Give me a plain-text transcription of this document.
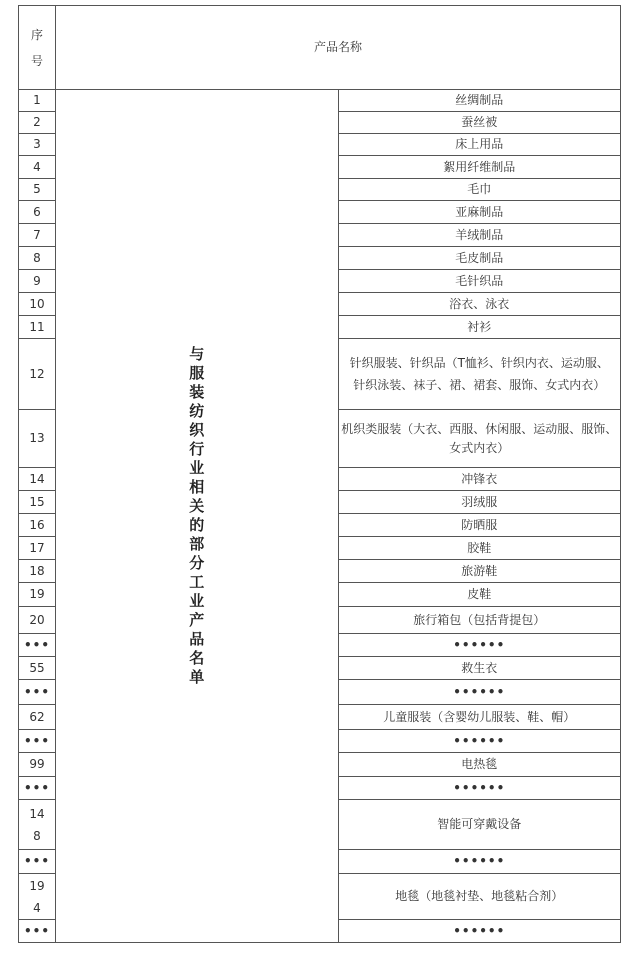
序号	产品名称	
1	与服装纺织行业相关的部分工业产品名单	丝绸制品
2		蚕丝被
3		床上用品
4		絮用纤维制品
5		毛巾
6		亚麻制品
7		羊绒制品
8		毛皮制品
9		毛针织品
10		浴衣、泳衣
11		衬衫
12		针织服装、针织品（T恤衫、针织内衣、运动服、针织泳装、袜子、裙、裙套、服饰、女式内衣）

13		机织类服装（大衣、西服、休闲服、运动服、服饰、女式内衣）
14		冲锋衣
15		羽绒服
16		防晒服
17		胶鞋
18		旅游鞋
19		皮鞋
20		旅行箱包（包括背提包）
•••		••••••
55		救生衣
•••		••••••
62		儿童服装（含婴幼儿服装、鞋、帽）
•••		••••••
99		电热毯
•••		••••••
148		智能可穿戴设备
•••		••••••
194		地毯（地毯衬垫、地毯粘合剂）
•••		••••••
